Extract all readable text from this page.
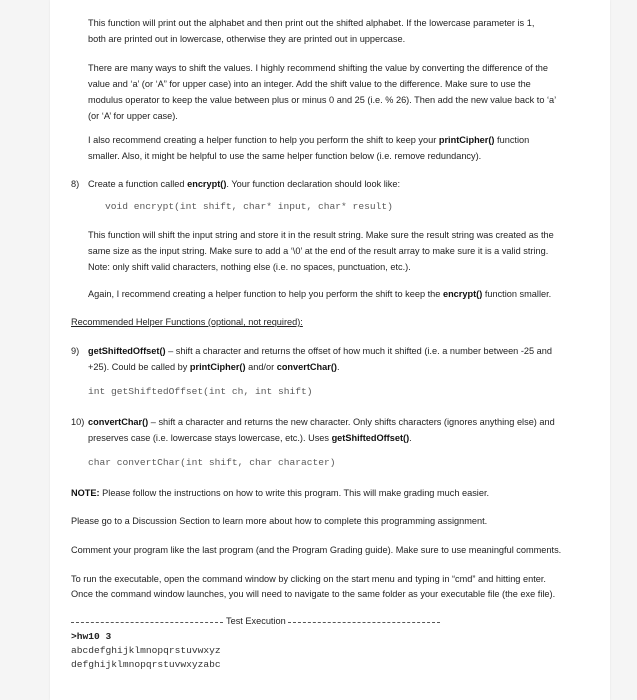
This function will print out the alphabet and then print out the shifted alphabet. If the lowercase parameter is 1,
both are printed out in lowercase, otherwise they are printed out in uppercase.
There are many ways to shift the values. I highly recommend shifting the value by converting the difference of the
value and ‘a’ (or ‘A” for upper case) into an integer. Add the shift value to the difference. Make sure to use the
modulus operator to keep the value between plus or minus 0 and 25 (i.e. % 26). Then add the new value back to ‘a’
(or ‘A’ for upper case).
I also recommend creating a helper function to help you perform the shift to keep your printCipher() function
smaller. Also, it might be helpful to use the same helper function below (i.e. remove redundancy).
8) Create a function called encrypt(). Your function declaration should look like:
void encrypt(int shift, char* input, char* result)
This function will shift the input string and store it in the result string. Make sure the result string was created as the
same size as the input string. Make sure to add a ‘\0’ at the end of the result array to make sure it is a valid string.
Note: only shift valid characters, nothing else (i.e. no spaces, punctuation, etc.).
Again, I recommend creating a helper function to help you perform the shift to keep the encrypt() function smaller.
Recommended Helper Functions (optional, not required):
9) getShiftedOffset() – shift a character and returns the offset of how much it shifted (i.e. a number between -25 and
+25). Could be called by printCipher() and/or convertChar().
int getShiftedOffset(int ch, int shift)
10) convertChar() – shift a character and returns the new character. Only shifts characters (ignores anything else) and
preserves case (i.e. lowercase stays lowercase, etc.). Uses getShiftedOffset().
char convertChar(int shift, char character)
NOTE: Please follow the instructions on how to write this program. This will make grading much easier.
Please go to a Discussion Section to learn more about how to complete this programming assignment.
Comment your program like the last program (and the Program Grading guide). Make sure to use meaningful comments.
To run the executable, open the command window by clicking on the start menu and typing in “cmd” and hitting enter.
Once the command window launches, you will need to navigate to the same folder as your executable file (the exe file).
Test Execution
>hw10 3
abcdefghijklmnopqrstuvwxyz
defghijklmnopqrstuvwxyzabc
